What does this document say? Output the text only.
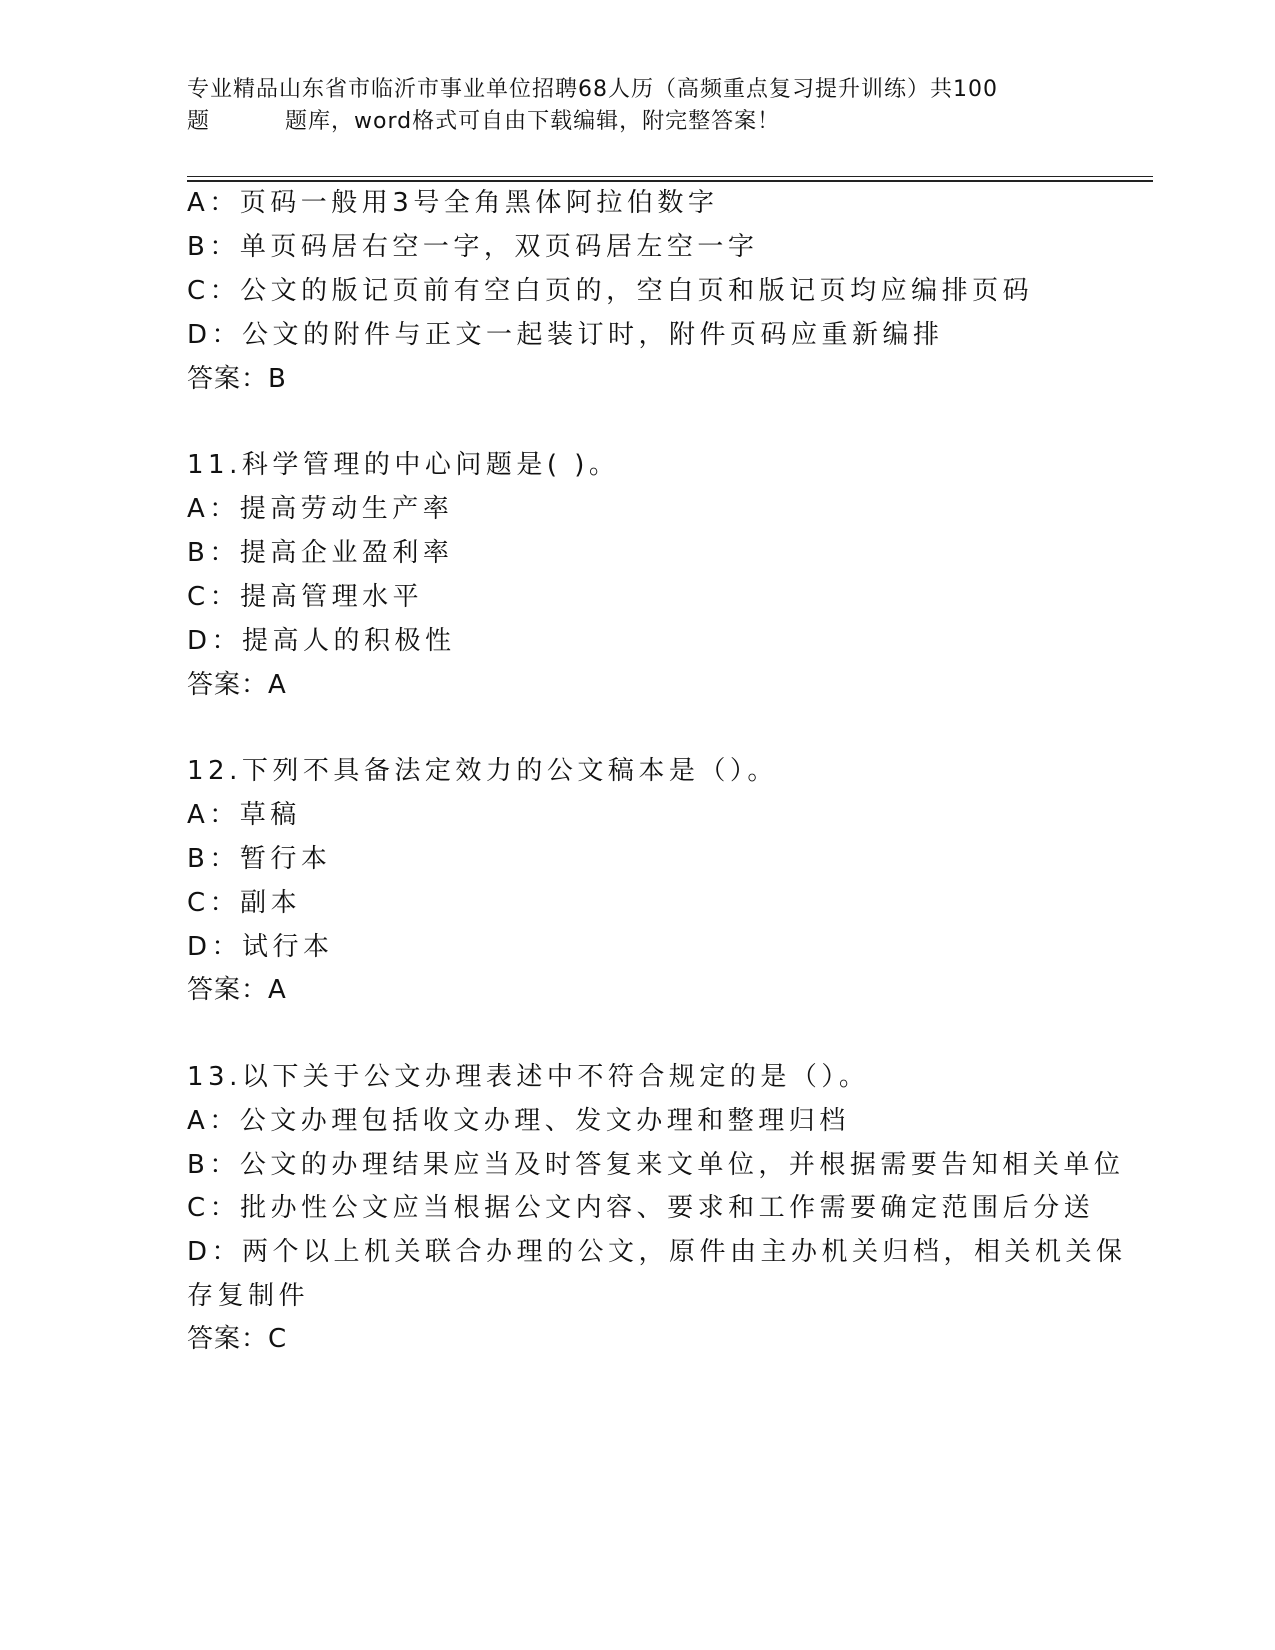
专业精品山东省市临沂市事业单位招聘68人历（高频重点复习提升训练）共100
题	题库，word格式可自由下载编辑，附完整答案！
A：页码一般用3号全角黑体阿拉伯数字
B：单页码居右空一字，双页码居左空一字
C：公文的版记页前有空白页的，空白页和版记页均应编排页码
D：公文的附件与正文一起装订时，附件页码应重新编排
答案：B
11.科学管理的中心问题是( )。
A：提高劳动生产率
B：提高企业盈利率
C：提高管理水平
D：提高人的积极性
答案：A
12.下列不具备法定效力的公文稿本是（）。
A：草稿
B：暂行本
C：副本
D：试行本
答案：A
13.以下关于公文办理表述中不符合规定的是（）。
A：公文办理包括收文办理、发文办理和整理归档
B：公文的办理结果应当及时答复来文单位，并根据需要告知相关单位
C：批办性公文应当根据公文内容、要求和工作需要确定范围后分送
D：两个以上机关联合办理的公文，原件由主办机关归档，相关机关保
存复制件
答案：C
